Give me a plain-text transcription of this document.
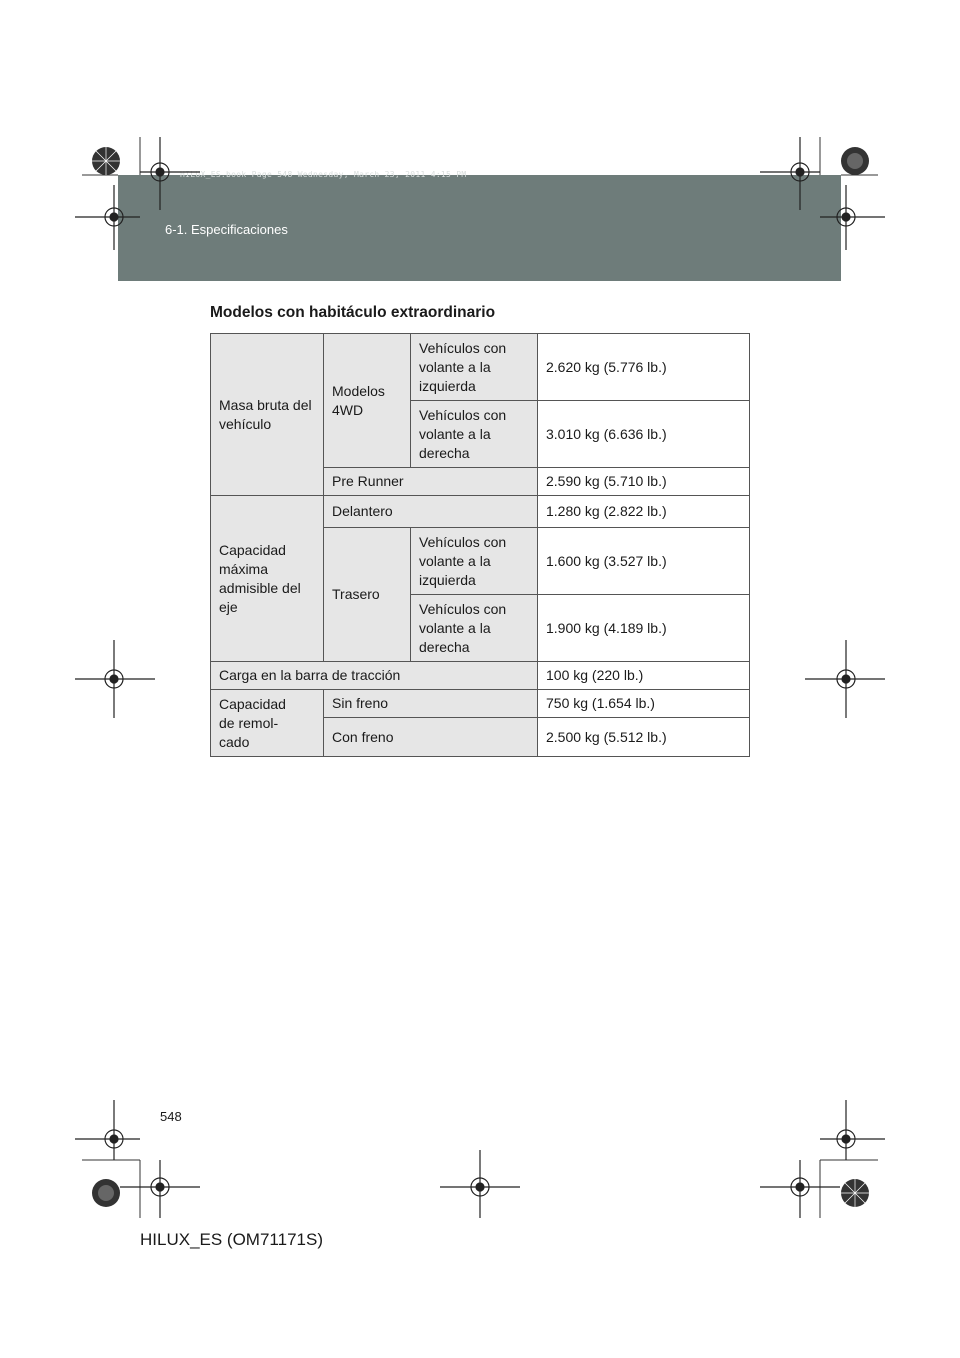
6-1. Especificaciones
HILUX_ES.book Page 548 Wednesday, March 23, 2011 4:15 PM
Modelos con habitáculo extraordinario
Masa bruta del vehículo	Modelos 4WD	Vehículos con volante a la izquierda	2.620 kg (5.776 lb.)
		Vehículos con volante a la derecha	3.010 kg (6.636 lb.)
	Pre Runner		2.590 kg (5.710 lb.)
Capacidad máxima admisible del eje	Delantero		1.280 kg (2.822 lb.)
	Trasero	Vehículos con volante a la izquierda	1.600 kg (3.527 lb.)
		Vehículos con volante a la derecha	1.900 kg (4.189 lb.)
Carga en la barra de tracción			100 kg (220 lb.)

Capacidad de remol-cado	Sin freno		750 kg (1.654 lb.)
	Con freno		2.500 kg (5.512 lb.)
548
HILUX_ES (OM71171S)
